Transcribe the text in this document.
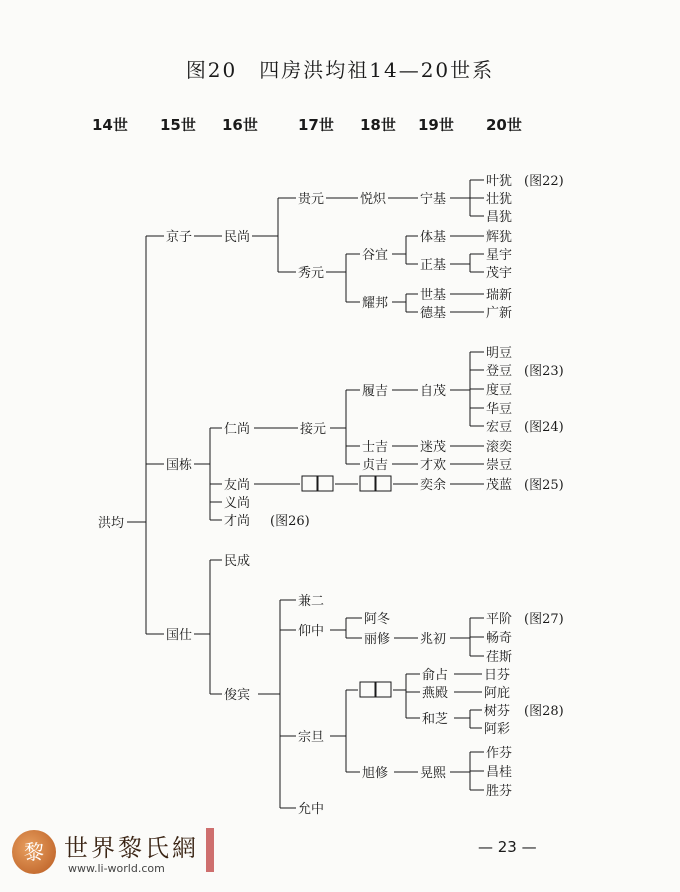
图20　四房洪均祖14—20世系
14世 15世 16世	17世 18世 19世 20世
洪均
京子
国栋
国仕
民尚
贵元
秀元
悦炽	宁基
叶犹
壮犹
昌犹
(图22)
谷宜
耀邦
体基
正基
辉犹
星宇
茂宇
世基
德基
瑞新
广新
仁尚
友尚
义尚
才尚 (图26)
接元
履吉
士吉
贞吉
自茂
明豆
登豆
度豆
华豆
宏豆
(图23)
(图24)
迷茂	滚奕
才欢	崇豆
奕余	茂蓝 (图25)
民成
俊宾
兼二
仰中
宗旦
允中
阿冬
丽修 兆初
平阶
畅奇
荏斯
(图27)
旭修
俞占
燕殿
和芝
日芬
阿庇
树芬
阿彩
(图28)
晃熙
作芬
昌桂
胜芬
黎 世界黎氏網
www.li-world.com
— 23 —
